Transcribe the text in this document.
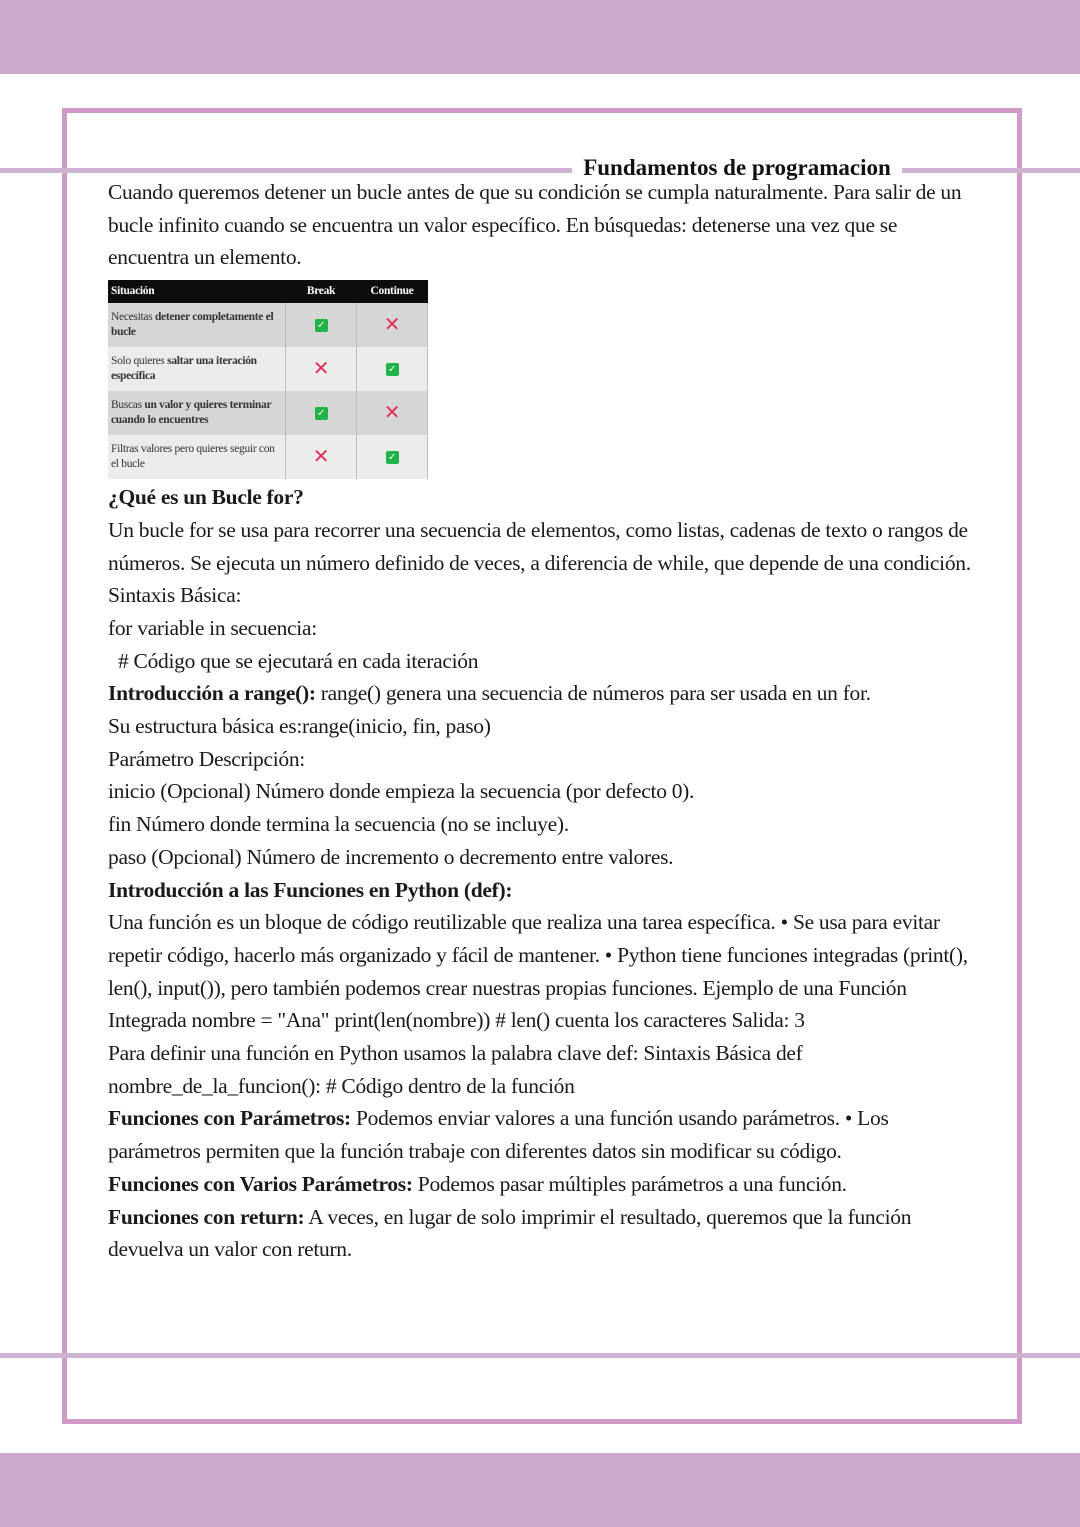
Fundamentos de programacion

Cuando queremos detener un bucle antes de que su condición se cumpla naturalmente. Para salir de un bucle infinito cuando se encuentra un valor específico. En búsquedas: detenerse una vez que se encuentra un elemento.

Situación	Break	Continue
Necesitas detener completamente el bucle	✓	✕
Solo quieres saltar una iteración específica	✕	✓
Buscas un valor y quieres terminar cuando lo encuentres	✓	✕
Filtras valores pero quieres seguir con el bucle	✕	✓

¿Qué es un Bucle for?

Un bucle for se usa para recorrer una secuencia de elementos, como listas, cadenas de texto o rangos de números. Se ejecuta un número definido de veces, a diferencia de while, que depende de una condición.

Sintaxis Básica:

for variable in secuencia:

# Código que se ejecutará en cada iteración

Introducción a range(): range() genera una secuencia de números para ser usada en un for.

Su estructura básica es:range(inicio, fin, paso)

Parámetro Descripción:

inicio (Opcional) Número donde empieza la secuencia (por defecto 0).

fin Número donde termina la secuencia (no se incluye).

paso (Opcional) Número de incremento o decremento entre valores.

Introducción a las Funciones en Python (def):

Una función es un bloque de código reutilizable que realiza una tarea específica. • Se usa para evitar repetir código, hacerlo más organizado y fácil de mantener. • Python tiene funciones integradas (print(), len(), input()), pero también podemos crear nuestras propias funciones. Ejemplo de una Función Integrada nombre = "Ana" print(len(nombre)) # len() cuenta los caracteres Salida: 3

Para definir una función en Python usamos la palabra clave def: Sintaxis Básica def nombre_de_la_funcion(): # Código dentro de la función

Funciones con Parámetros: Podemos enviar valores a una función usando parámetros. • Los parámetros permiten que la función trabaje con diferentes datos sin modificar su código.

Funciones con Varios Parámetros: Podemos pasar múltiples parámetros a una función.

Funciones con return: A veces, en lugar de solo imprimir el resultado, queremos que la función devuelva un valor con return.
